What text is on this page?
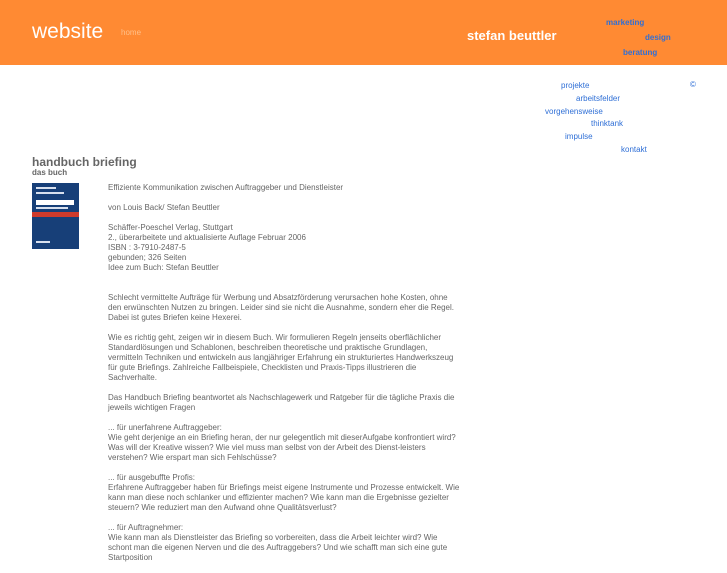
website home	stefan beuttler
marketing
design
beratung
projekte
arbeitsfelder
vorgehensweise
thinktank
impulse
kontakt
©
handbuch briefing
das buch

Effiziente Kommunikation zwischen Auftraggeber und Dienstleister

von Louis Back/ Stefan Beuttler

Schäffer-Poeschel Verlag, Stuttgart

2., überarbeitete und aktualisierte Auflage Februar 2006
ISBN : 3-7910-2487-5
gebunden; 326 Seiten
Idee zum Buch: Stefan Beuttler

Schlecht vermittelte Aufträge für Werbung und Absatzförderung verursachen hohe Kosten, ohne den erwünschten Nutzen zu bringen. Leider sind sie nicht die Ausnahme, sondern eher die Regel. Dabei ist gutes Briefen keine Hexerei.

Wie es richtig geht, zeigen wir in diesem Buch. Wir formulieren Regeln jenseits oberflächlicher Standardlösungen und Schablonen, beschreiben theoretische und praktische Grundlagen, vermitteln Techniken und entwickeln aus langjähriger Erfahrung ein strukturiertes Handwerkszeug für gute Briefings. Zahlreiche Fallbeispiele, Checklisten und Praxis-Tipps illustrieren die Sachverhalte.

Das Handbuch Briefing beantwortet als Nachschlagewerk und Ratgeber für die tägliche Praxis die jeweils wichtigen Fragen

... für unerfahrene Auftraggeber:

Wie geht derjenige an ein Briefing heran, der nur gelegentlich mit dieserAufgabe konfrontiert wird? Was will der Kreative wissen? Wie viel muss man selbst von der Arbeit des Dienst-leisters verstehen? Wie erspart man sich Fehlschüsse?

... für ausgebuffte Profis:

Erfahrene Auftraggeber haben für Briefings meist eigene Instrumente und Prozesse entwickelt. Wie kann man diese noch schlanker und effizienter machen? Wie kann man die Ergebnisse gezielter steuern? Wie reduziert man den Aufwand ohne Qualitätsverlust?

... für Auftragnehmer:

Wie kann man als Dienstleister das Briefing so vorbereiten, dass die Arbeit leichter wird? Wie schont man die eigenen Nerven und die des Auftraggebers? Und wie schafft man sich eine gute Startposition
